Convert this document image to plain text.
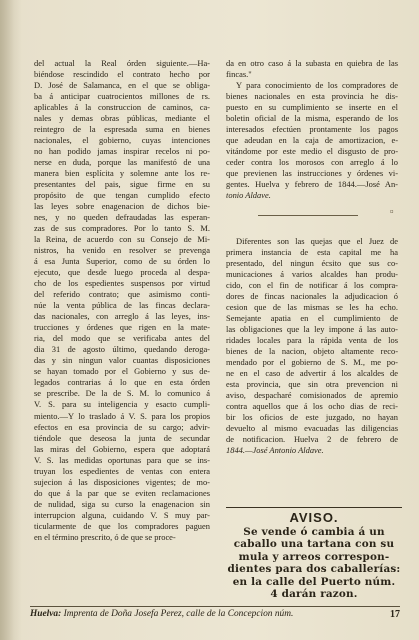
del actual la Real órden siguiente.—Ha-
biéndose rescindido el contrato hecho por
D. José de Salamanca, en el que se obliga-
ba á anticipar cuatrocientos millones de rs.
aplicables á la construccion de caminos, ca-
nales y demas obras públicas, mediante el
reintegro de la espresada suma en bienes
nacionales, el gobierno, cuyas intenciones
no han podido jamas inspirar recelos ni po-
nerse en duda, porque las manifestó de una
manera bien esplícita y solemne ante los re-
presentantes del pais, sigue firme en su
propósito de que tengan cumplido efecto
las leyes sobre enagenacion de dichos bie-
nes, y no queden defraudadas las esperan-
zas de sus compradores. Por lo tanto S. M.
la Reina, de acuerdo con su Consejo de Mi-
nistros, ha venido en resolver se prevenga
á esa Junta Superior, como de su órden lo
ejecuto, que desde luego proceda al despa-
cho de los espedientes suspensos por virtud
del referido contrato; que asimismo conti-
núe la venta pública de las fincas declara-
das nacionales, con arreglo á las leyes, ins-
trucciones y órdenes que rigen en la mate-
ria, del modo que se verificaba antes del
dia 31 de agosto último, quedando deroga-
das y sin ningun valor cuantas disposiciones
se hayan tomado por el Gobierno y sus de-
legados contrarias á lo que en esta órden
se prescribe. De la de S. M. lo comunico á
V. S. para su inteligencia y esacto cumpli-
miento.—Y lo traslado á V. S. para los propios
efectos en esa provincia de su cargo; advir-
tiéndole que deseosa la junta de secundar
las miras del Gobierno, espera que adoptará
V. S. las medidas oportunas para que se ins-
truyan los espedientes de ventas con entera
sujecion á las disposiciones vigentes; de mo-
do que á la par que se eviten reclamaciones
de nulidad, siga su curso la enagenacion sin
interrupcion alguna, cuidando V. S muy par-
ticularmente de que los compradores paguen
en el término prescrito, ó de que se proce-
da en otro caso á la subasta en quiebra de las
fincas."
Y para conocimiento de los compradores de
bienes nacionales en esta provincia he dis-
puesto en su cumplimiento se inserte en el
boletin oficial de la misma, esperando de los
interesados efectúen prontamente los pagos
que adeudan en la caja de amortizacion, e-
vitándome por este medio el disgusto de pro-
ceder contra los morosos con arreglo á lo
que previenen las instrucciones y órdenes vi-
gentes. Huelva y febrero de 1844.—José An-
tonio Aldave.
¤
Diferentes son las quejas que el Juez de
primera instancia de esta capital me ha
presentado, del ningun écsito que sus co-
municaciones á varios alcaldes han produ-
cido, con el fin de notificar á los compra-
dores de fincas nacionales la adjudicacion ó
cesion que de las mismas se les ha echo.
Semejante apatia en el cumplimiento de
las obligaciones que la ley impone á las auto-
ridades locales para la rápida venta de los
bienes de la nacion, objeto altamente reco-
mendado por el gobierno de S. M., me po-
ne en el caso de advertir á los alcaldes de
esta provincia, que sin otra prevencion ni
aviso, despacharé comisionados de apremio
contra aquellos que á los ocho dias de reci-
bir los oficios de este juzgado, no hayan
devuelto al mismo evacuadas las diligencias
de notificacion. Huelva 2 de febrero de
1844.—José Antonio Aldave.
AVISO.
Se vende ó cambia á un
caballo una tartana con su
mula y arreos correspon-
dientes para dos caballerías:
en la calle del Puerto núm.
4 darán razon.
Huelva: Imprenta de Doña Josefa Perez, calle de la Concepcion núm.	17
